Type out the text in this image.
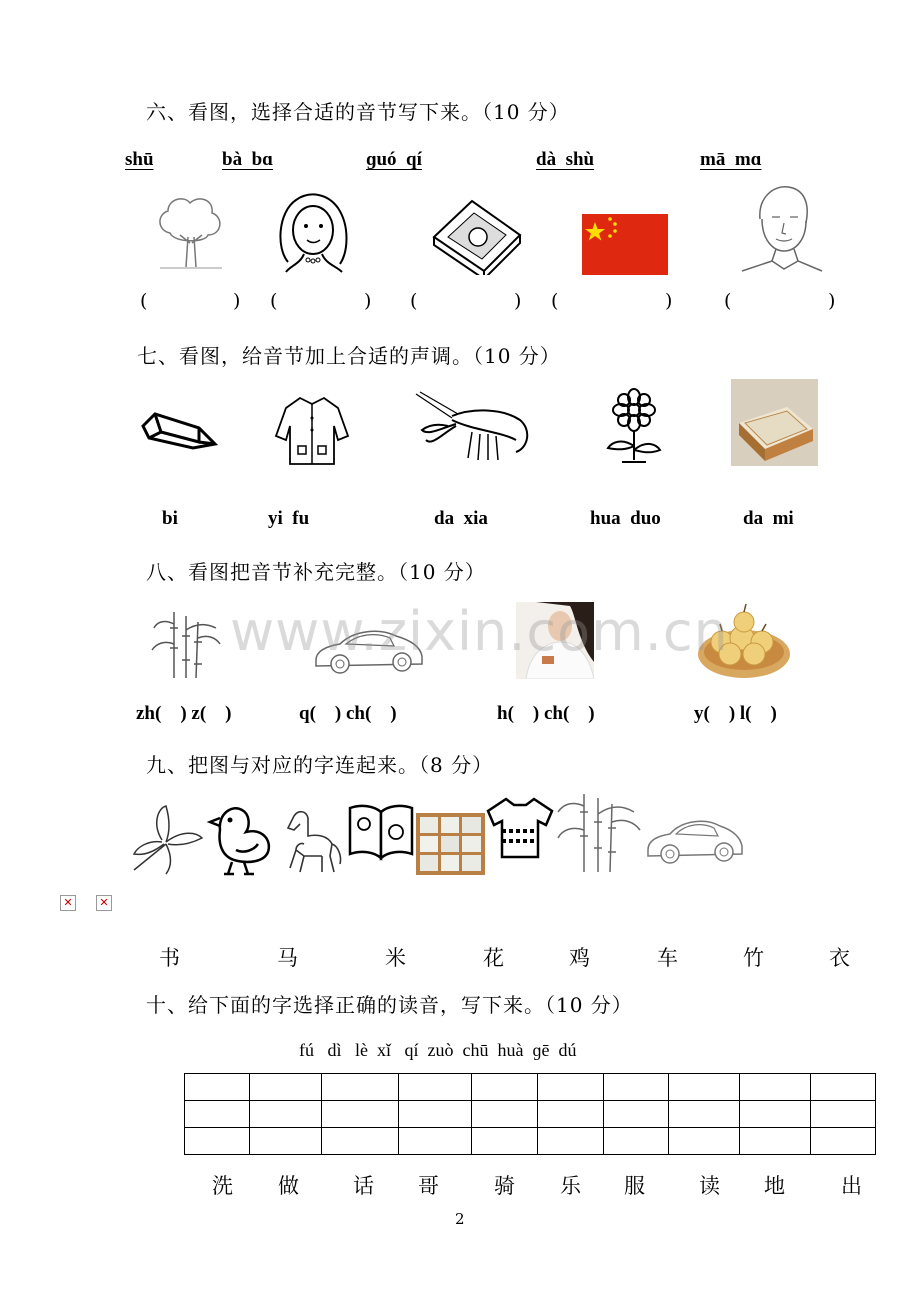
六、看图，选择合适的音节写下来。（10 分）
shū	bà  bɑ	ɡuó  qí	dà  shù	mā  mɑ
(	) (	) (	) (	)	(	)
七、看图，给音节加上合适的声调。（10 分）
bi	yi  fu	da  xia	hua  duo	da  mi
八、看图把音节补充完整。（10 分）
www.zixin.com.cn
zh(    ) z(    )	q(    ) ch(    )	h(    ) ch(    )	y(    ) l(    )
九、把图与对应的字连起来。（8 分）
✕	✕
书	马	米	花	鸡	车	竹	衣
十、给下面的字选择正确的读音，写下来。（10 分）
fú   dì   lè  xǐ   qí  zuò  chū  huà  ɡē  dú

洗 做	话 哥	骑 乐 服	读 地	出
2
